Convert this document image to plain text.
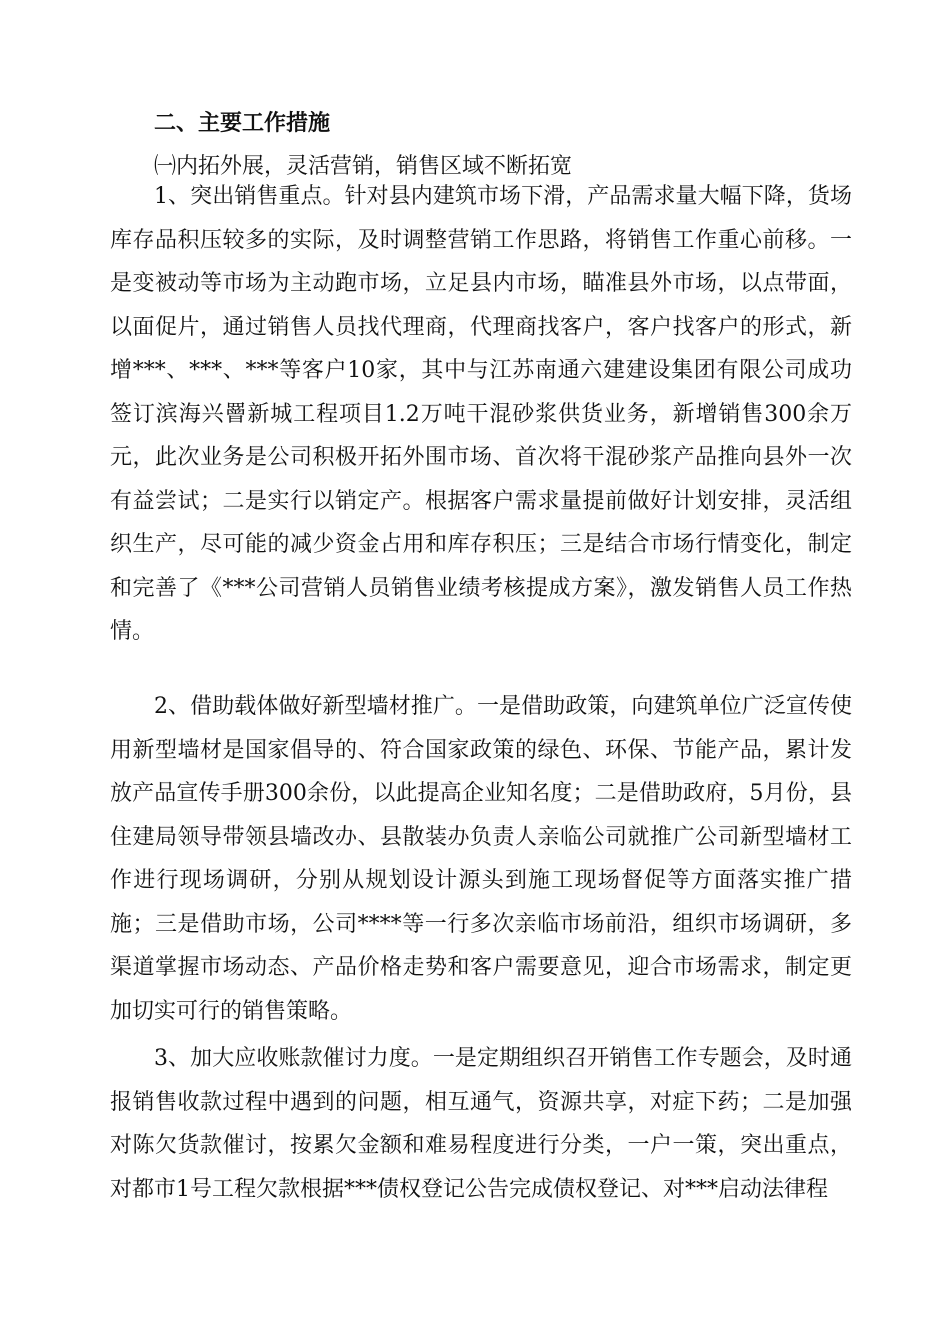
二、主要工作措施
㈠内拓外展，灵活营销，销售区域不断拓宽

1、突出销售重点。针对县内建筑市场下滑，产品需求量大幅下降，货场库存品积压较多的实际，及时调整营销工作思路，将销售工作重心前移。一是变被动等市场为主动跑市场，立足县内市场，瞄准县外市场，以点带面，以面促片，通过销售人员找代理商，代理商找客户，客户找客户的形式，新增***、***、***等客户10家，其中与江苏南通六建建设集团有限公司成功签订滨海兴罾新城工程项目1.2万吨干混砂浆供货业务，新增销售300余万元，此次业务是公司积极开拓外围市场、首次将干混砂浆产品推向县外一次有益尝试；二是实行以销定产。根据客户需求量提前做好计划安排，灵活组织生产，尽可能的减少资金占用和库存积压；三是结合市场行情变化，制定和完善了《***公司营销人员销售业绩考核提成方案》，激发销售人员工作热情。

2、借助载体做好新型墙材推广。一是借助政策，向建筑单位广泛宣传使用新型墙材是国家倡导的、符合国家政策的绿色、环保、节能产品，累计发放产品宣传手册300余份，以此提高企业知名度；二是借助政府，5月份，县住建局领导带领县墙改办、县散装办负责人亲临公司就推广公司新型墙材工作进行现场调研，分别从规划设计源头到施工现场督促等方面落实推广措施；三是借助市场，公司****等一行多次亲临市场前沿，组织市场调研，多渠道掌握市场动态、产品价格走势和客户需要意见，迎合市场需求，制定更加切实可行的销售策略。

3、加大应收账款催讨力度。一是定期组织召开销售工作专题会，及时通报销售收款过程中遇到的问题，相互通气，资源共享，对症下药；二是加强对陈欠货款催讨，按累欠金额和难易程度进行分类，一户一策，突出重点，对都市1号工程欠款根据***债权登记公告完成债权登记、对***启动法律程
